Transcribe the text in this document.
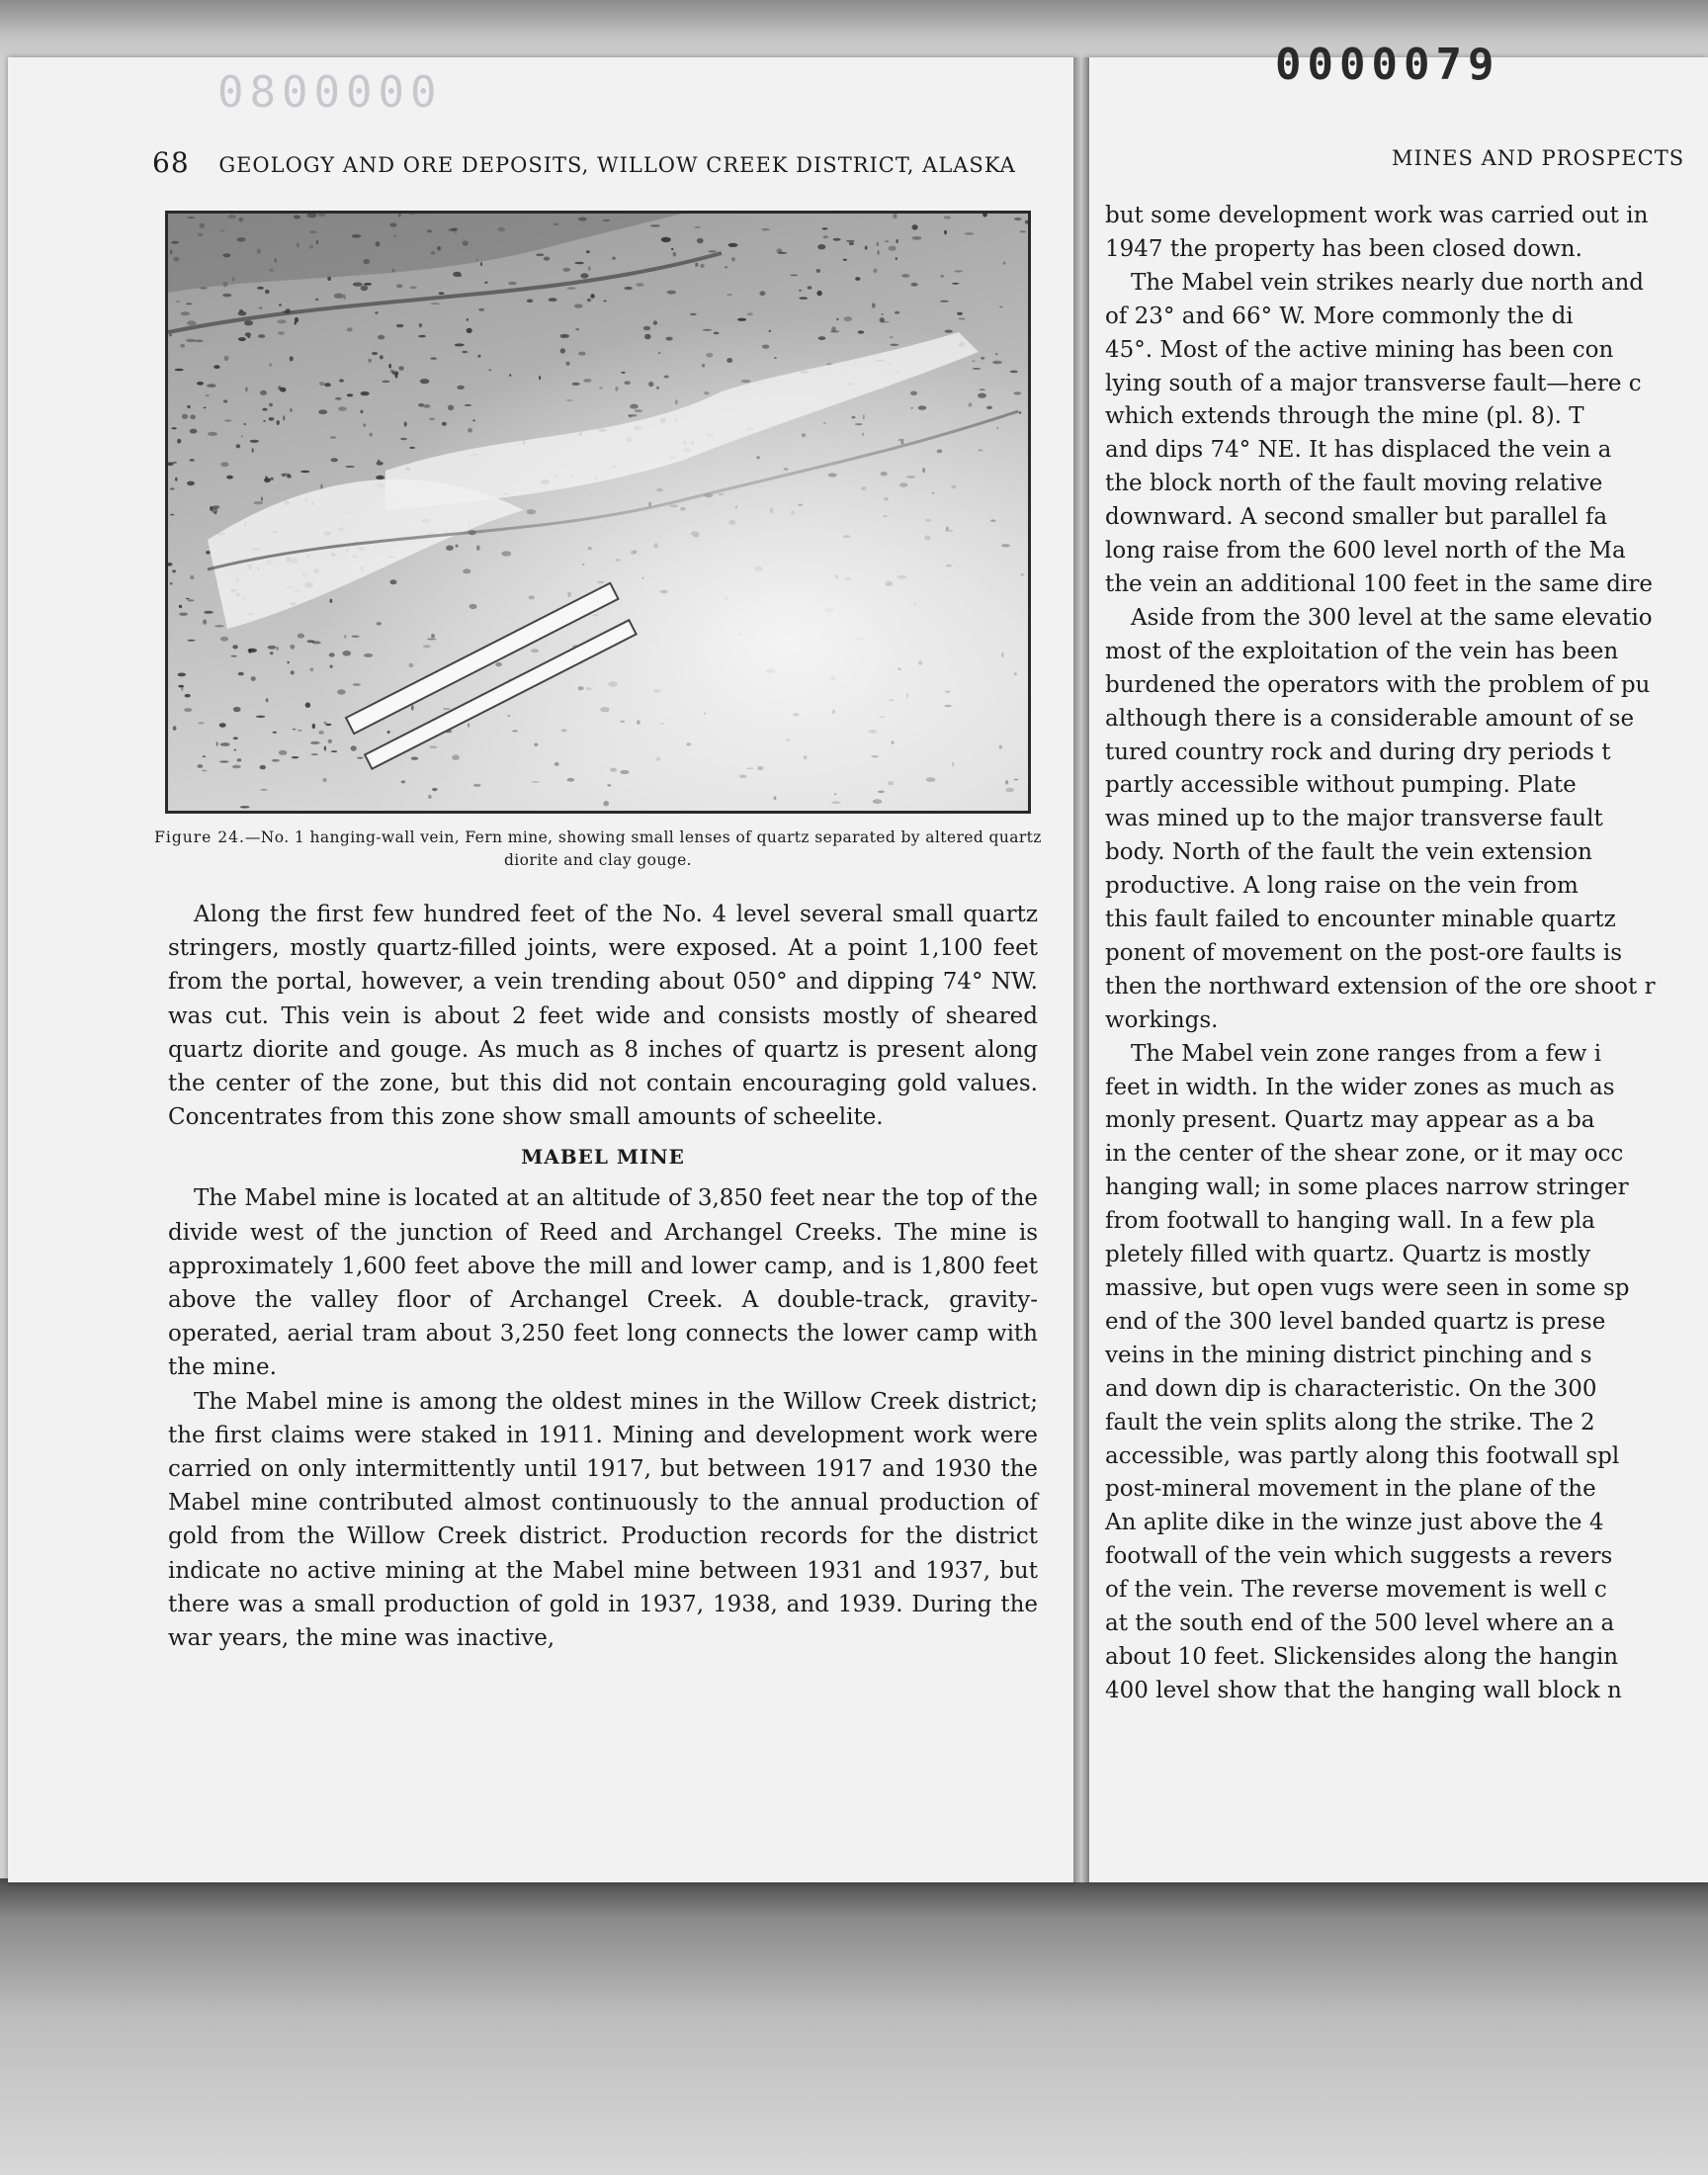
0800000
0000079
68 GEOLOGY AND ORE DEPOSITS, WILLOW CREEK DISTRICT, ALASKA	MINES AND PROSPECTS
Figure 24.—No. 1 hanging-wall vein, Fern mine, showing small lenses of quartz separated by altered quartz diorite and clay gouge.

Along the first few hundred feet of the No. 4 level several small quartz stringers, mostly quartz-filled joints, were exposed. At a point 1,100 feet from the portal, however, a vein trending about 050° and dipping 74° NW. was cut. This vein is about 2 feet wide and consists mostly of sheared quartz diorite and gouge. As much as 8 inches of quartz is present along the center of the zone, but this did not contain encouraging gold values. Concentrates from this zone show small amounts of scheelite.

MABEL MINE

The Mabel mine is located at an altitude of 3,850 feet near the top of the divide west of the junction of Reed and Archangel Creeks. The mine is approximately 1,600 feet above the mill and lower camp, and is 1,800 feet above the valley floor of Archangel Creek. A double-track, gravity-operated, aerial tram about 3,250 feet long connects the lower camp with the mine.

The Mabel mine is among the oldest mines in the Willow Creek district; the first claims were staked in 1911. Mining and development work were carried on only intermittently until 1917, but between 1917 and 1930 the Mabel mine contributed almost continuously to the annual production of gold from the Willow Creek district. Production records for the district indicate no active mining at the Mabel mine between 1931 and 1937, but there was a small production of gold in 1937, 1938, and 1939. During the war years, the mine was inactive,

but some development work was carried out in

1947 the property has been closed down.

The Mabel vein strikes nearly due north and

of 23° and 66° W. More commonly the di

45°. Most of the active mining has been con

lying south of a major transverse fault—here c

which extends through the mine (pl. 8). T

and dips 74° NE. It has displaced the vein a

the block north of the fault moving relative

downward. A second smaller but parallel fa

long raise from the 600 level north of the Ma

the vein an additional 100 feet in the same dire

Aside from the 300 level at the same elevatio

most of the exploitation of the vein has been

burdened the operators with the problem of pu

although there is a considerable amount of se

tured country rock and during dry periods t

partly accessible without pumping. Plate

was mined up to the major transverse fault

body. North of the fault the vein extension

productive. A long raise on the vein from

this fault failed to encounter minable quartz

ponent of movement on the post-ore faults is

then the northward extension of the ore shoot r

workings.

The Mabel vein zone ranges from a few i

feet in width. In the wider zones as much as

monly present. Quartz may appear as a ba

in the center of the shear zone, or it may occ

hanging wall; in some places narrow stringer

from footwall to hanging wall. In a few pla

pletely filled with quartz. Quartz is mostly

massive, but open vugs were seen in some sp

end of the 300 level banded quartz is prese

veins in the mining district pinching and s

and down dip is characteristic. On the 300

fault the vein splits along the strike. The 2

accessible, was partly along this footwall spl

post-mineral movement in the plane of the

An aplite dike in the winze just above the 4

footwall of the vein which suggests a revers

of the vein. The reverse movement is well c

at the south end of the 500 level where an a

about 10 feet. Slickensides along the hangin

400 level show that the hanging wall block n
